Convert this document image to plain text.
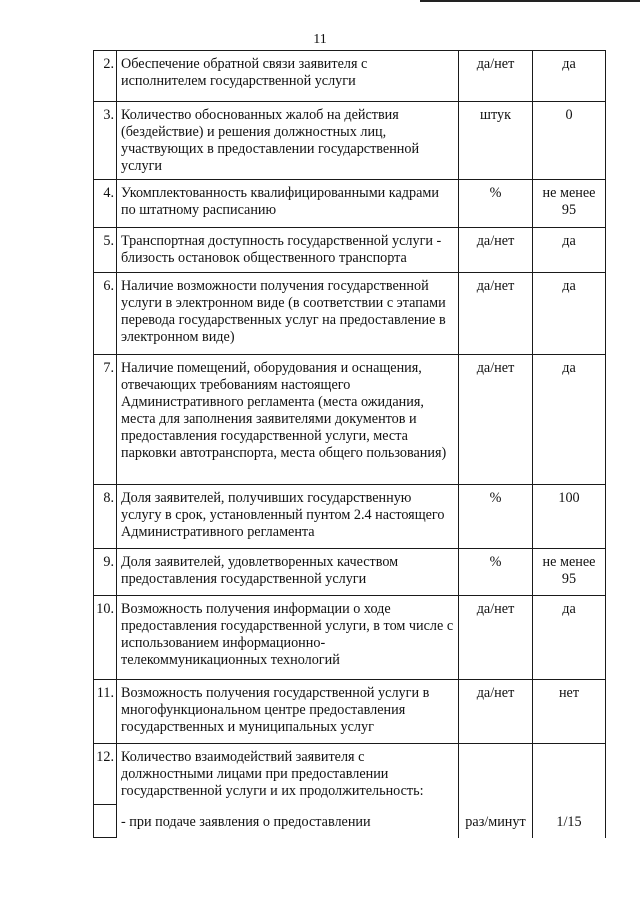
11
2.	Обеспечение обратной связи заявителя с исполнителем государственной услуги	да/нет	да
3.	Количество обоснованных жалоб на действия (бездействие) и решения должностных лиц, участвующих в предоставлении государственной услуги	штук	0
4.	Укомплектованность квалифицированными кадрами по штатному расписанию	%	не менее 95
5.	Транспортная доступность государственной услуги - близость остановок общественного транспорта	да/нет	да
6.	Наличие возможности получения государственной услуги в электронном виде (в соответствии с этапами перевода государственных услуг на предоставление в электронном виде)	да/нет	да
7.	Наличие помещений, оборудования и оснащения, отвечающих требованиям настоящего Административного регламента (места ожидания, места для заполнения заявителями документов и предоставления государственной услуги, места парковки автотранспорта, места общего пользования)	да/нет	да
8.	Доля заявителей, получивших государственную услугу в срок, установленный пунтом 2.4 настоящего Административного регламента	%	100
9.	Доля заявителей, удовлетворенных качеством предоставления государственной услуги	%	не менее 95
10.	Возможность получения информации о ходе предоставления государственной услуги, в том числе с использованием информационно-телекоммуникационных технологий	да/нет	да
11.	Возможность получения государственной услуги в многофункциональном центре предоставления государственных и муниципальных услуг	да/нет	нет
12.	Количество взаимодействий заявителя с должностными лицами при предоставлении государственной услуги и их продолжительность:		
	- при подаче заявления о предоставлении	раз/минут	1/15
